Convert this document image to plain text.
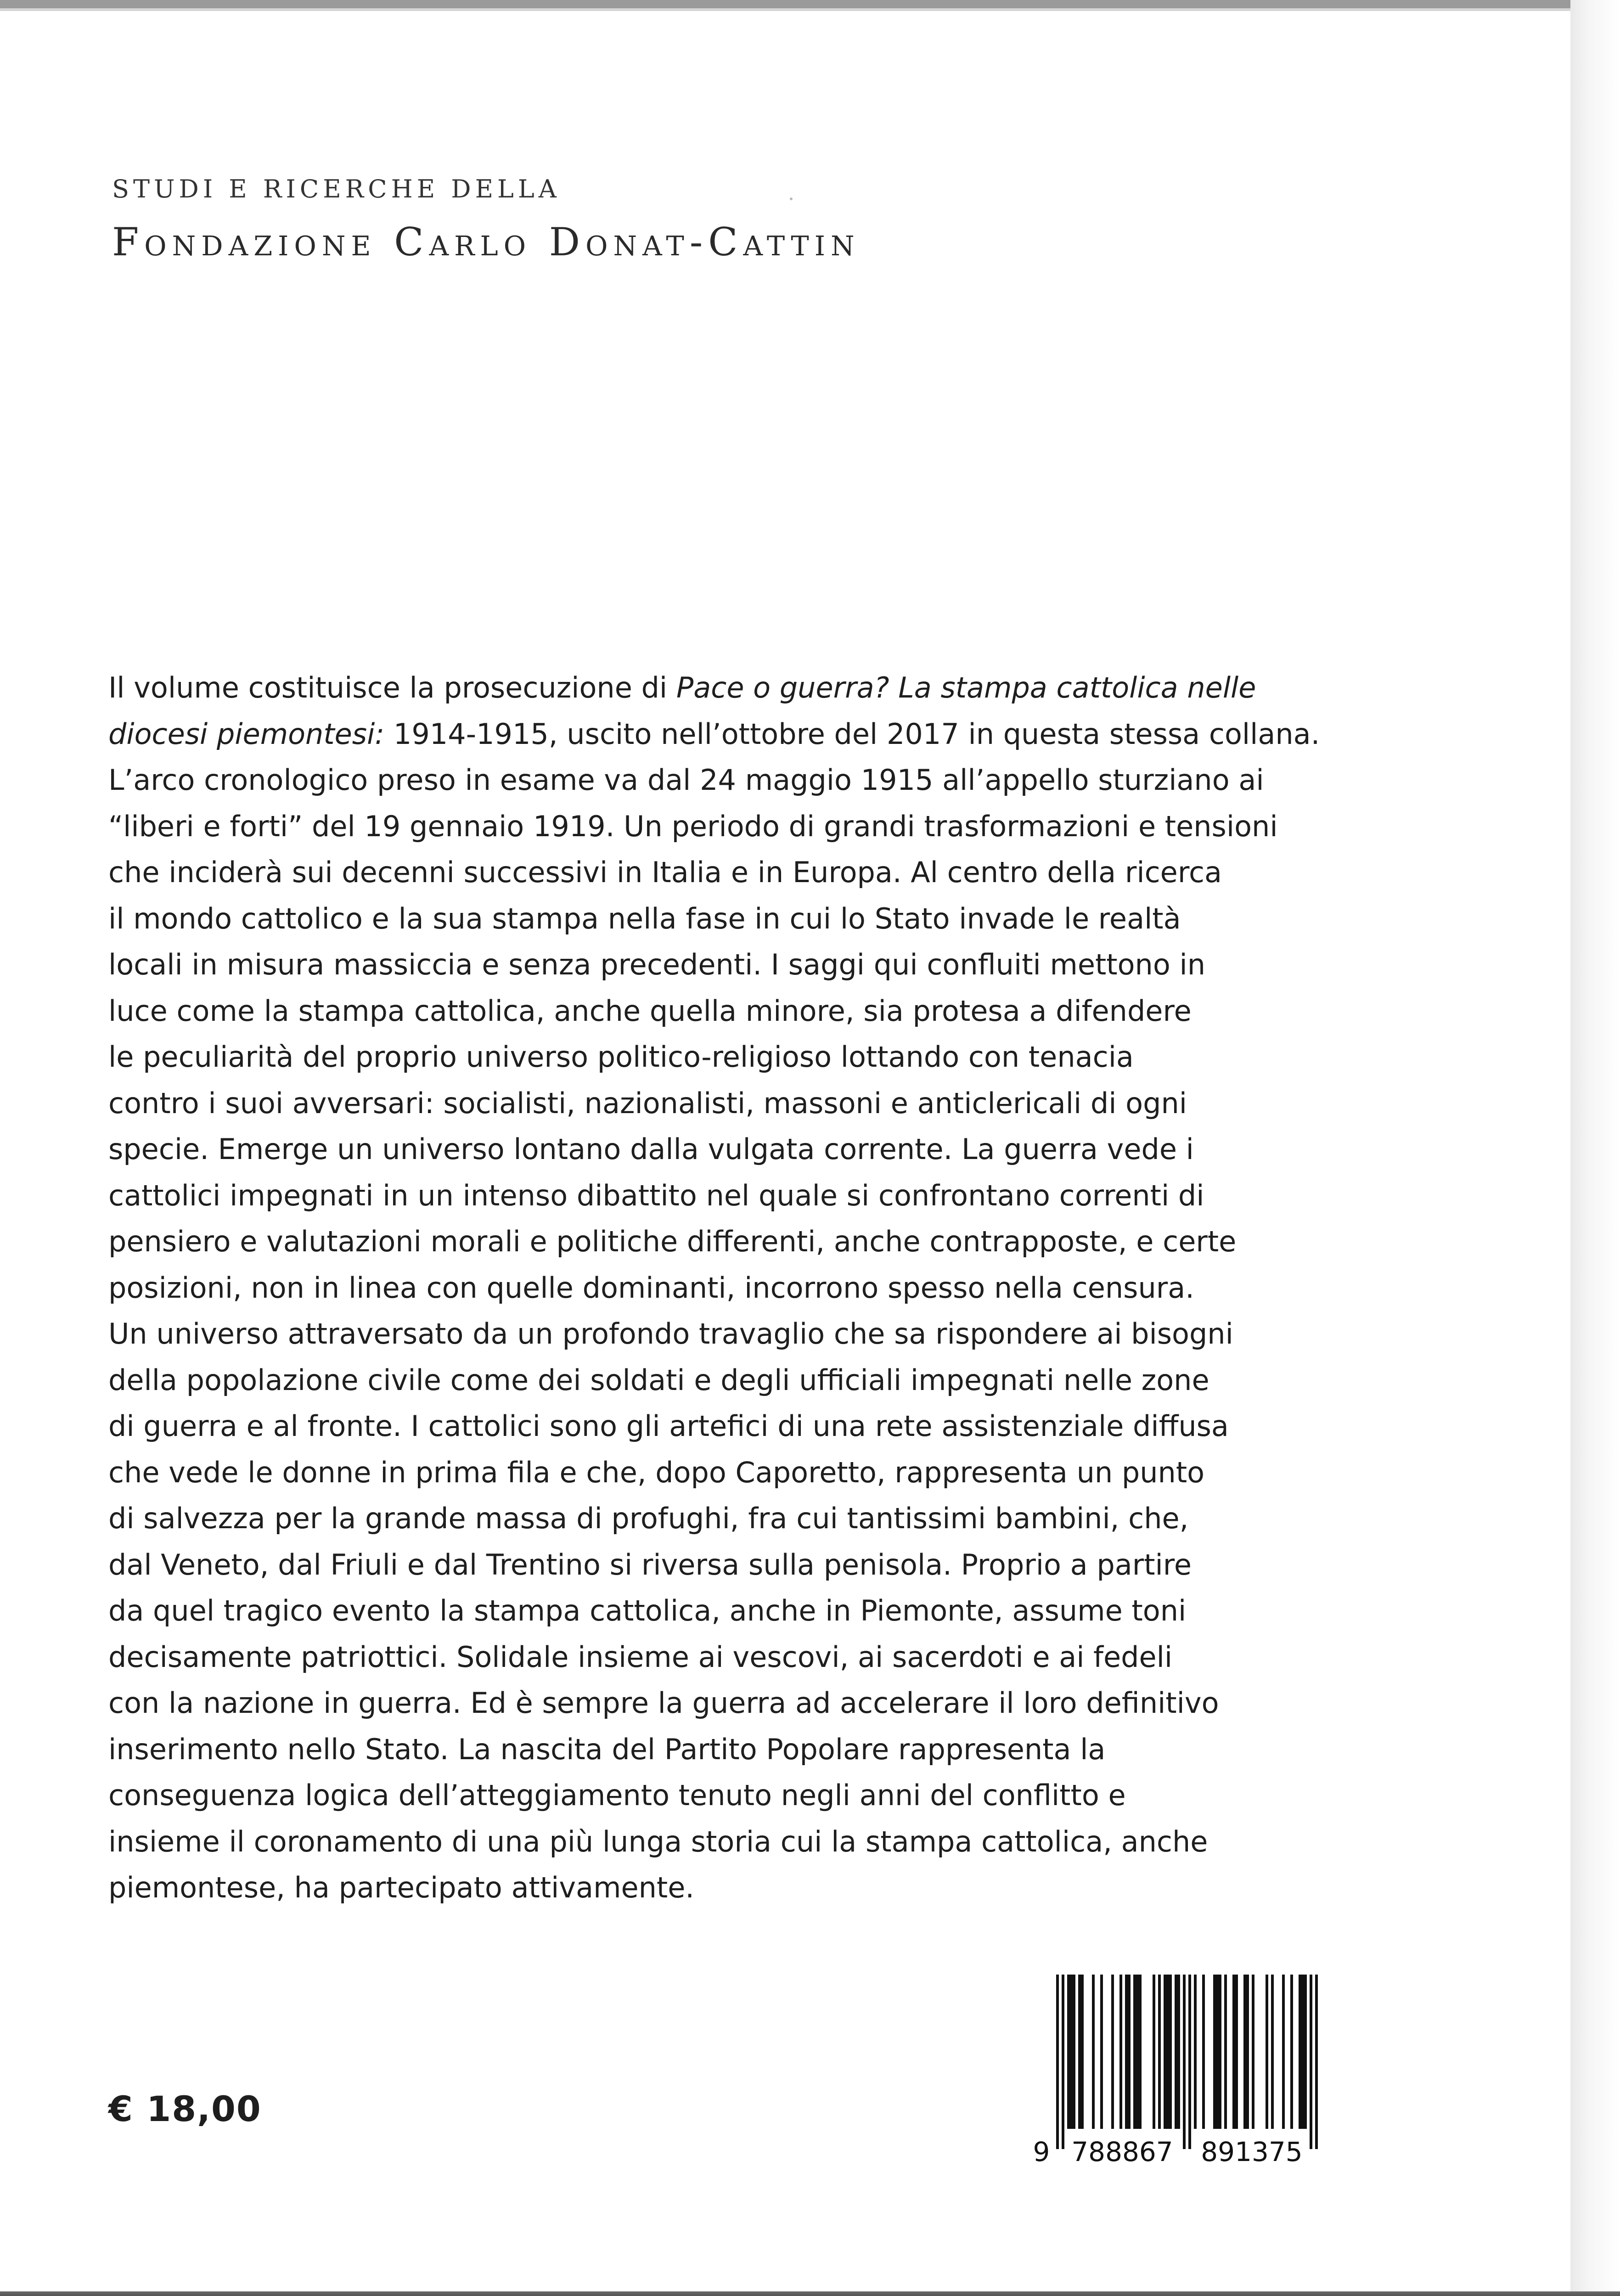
STUDI E RICERCHE DELLA
Fondazione Carlo Donat-Cattin
Il volume costituisce la prosecuzione di Pace o guerra? La stampa cattolica nelle
diocesi piemontesi: 1914-1915, uscito nell’ottobre del 2017 in questa stessa collana.
L’arco cronologico preso in esame va dal 24 maggio 1915 all’appello sturziano ai
“liberi e forti” del 19 gennaio 1919. Un periodo di grandi trasformazioni e tensioni
che inciderà sui decenni successivi in Italia e in Europa. Al centro della ricerca
il mondo cattolico e la sua stampa nella fase in cui lo Stato invade le realtà
locali in misura massiccia e senza precedenti. I saggi qui confluiti mettono in
luce come la stampa cattolica, anche quella minore, sia protesa a difendere
le peculiarità del proprio universo politico-religioso lottando con tenacia
contro i suoi avversari: socialisti, nazionalisti, massoni e anticlericali di ogni
specie. Emerge un universo lontano dalla vulgata corrente. La guerra vede i
cattolici impegnati in un intenso dibattito nel quale si confrontano correnti di
pensiero e valutazioni morali e politiche differenti, anche contrapposte, e certe
posizioni, non in linea con quelle dominanti, incorrono spesso nella censura.
Un universo attraversato da un profondo travaglio che sa rispondere ai bisogni
della popolazione civile come dei soldati e degli ufficiali impegnati nelle zone
di guerra e al fronte. I cattolici sono gli artefici di una rete assistenziale diffusa
che vede le donne in prima fila e che, dopo Caporetto, rappresenta un punto
di salvezza per la grande massa di profughi, fra cui tantissimi bambini, che,
dal Veneto, dal Friuli e dal Trentino si riversa sulla penisola. Proprio a partire
da quel tragico evento la stampa cattolica, anche in Piemonte, assume toni
decisamente patriottici. Solidale insieme ai vescovi, ai sacerdoti e ai fedeli
con la nazione in guerra. Ed è sempre la guerra ad accelerare il loro definitivo
inserimento nello Stato. La nascita del Partito Popolare rappresenta la
conseguenza logica dell’atteggiamento tenuto negli anni del conflitto e
insieme il coronamento di una più lunga storia cui la stampa cattolica, anche
piemontese, ha partecipato attivamente.
€ 18,00
9 788867 891375
